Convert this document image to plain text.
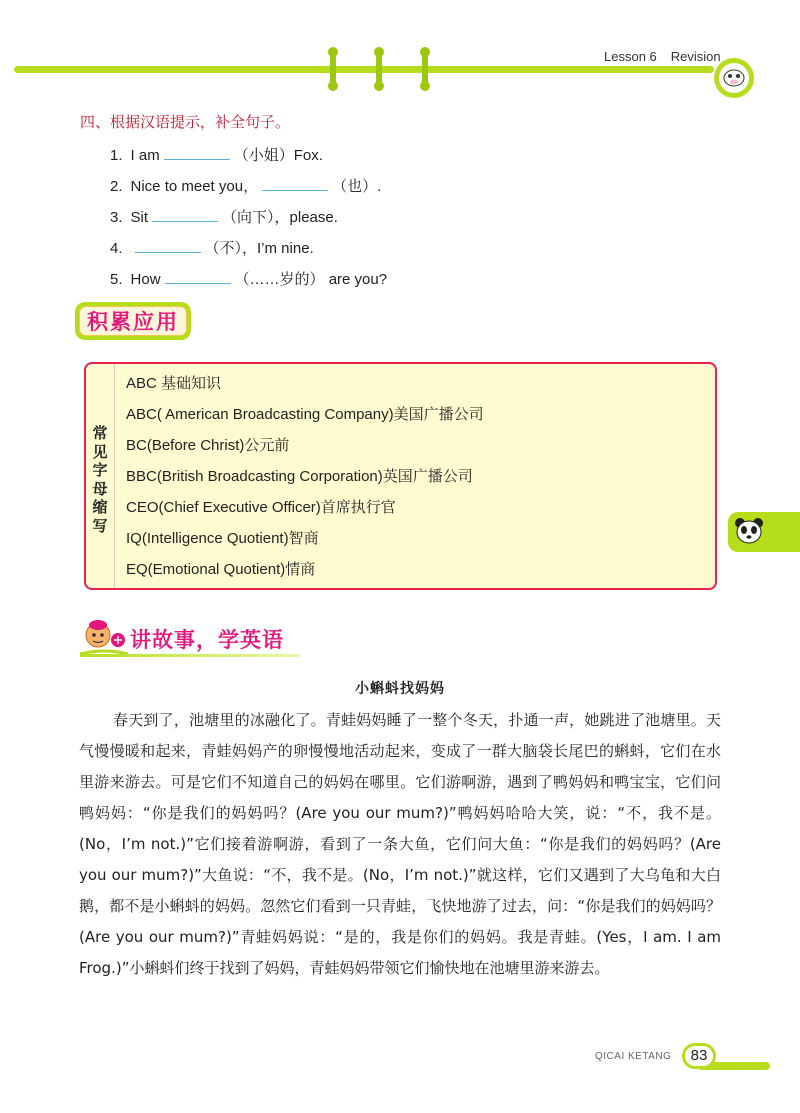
Lesson 6 Revision
四、根据汉语提示，补全句子。
1. I am	（小姐）Fox.
2. Nice to meet you，	（也）.
3. Sit	（向下），please.
4.	（不），I’m nine.
5. How	（……岁的） are you?
积累应用
常见字母缩写
ABC 基础知识
ABC( American Broadcasting Company)美国广播公司
BC(Before Christ)公元前
BBC(British Broadcasting Corporation)英国广播公司
CEO(Chief Executive Officer)首席执行官
IQ(Intelligence Quotient)智商
EQ(Emotional Quotient)情商
讲故事，学英语
小蝌蚪找妈妈
春天到了，池塘里的冰融化了。青蛙妈妈睡了一整个冬天，扑通一声，她跳进了池塘里。天气慢慢暖和起来，青蛙妈妈产的卵慢慢地活动起来，变成了一群大脑袋长尾巴的蝌蚪，它们在水里游来游去。可是它们不知道自己的妈妈在哪里。它们游啊游，遇到了鸭妈妈和鸭宝宝，它们问鸭妈妈：“你是我们的妈妈吗？(Are you our mum?)”鸭妈妈哈哈大笑，说：“不，我不是。(No，I’m not.)”它们接着游啊游，看到了一条大鱼，它们问大鱼：“你是我们的妈妈吗？(Are you our mum?)”大鱼说：“不，我不是。(No，I’m not.)”就这样，它们又遇到了大乌龟和大白鹅，都不是小蝌蚪的妈妈。忽然它们看到一只青蛙，飞快地游了过去，问：“你是我们的妈妈吗？(Are you our mum?)”青蛙妈妈说：“是的，我是你们的妈妈。我是青蛙。(Yes，I am. I am Frog.)”小蝌蚪们终于找到了妈妈，青蛙妈妈带领它们愉快地在池塘里游来游去。
QICAI KETANG	83
